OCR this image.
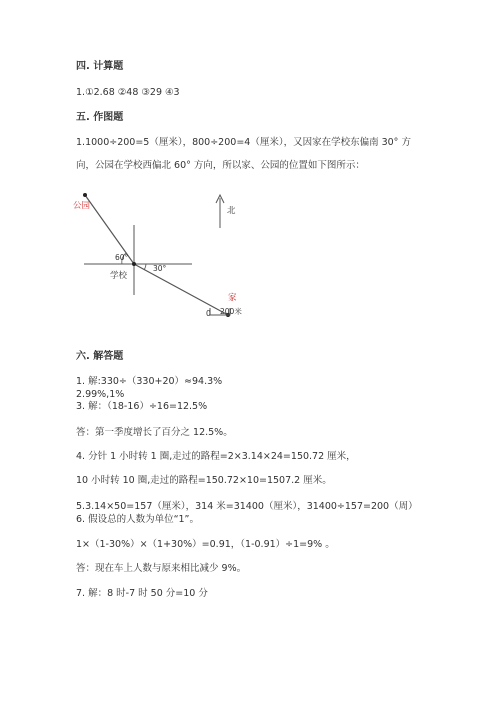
四. 计算题
1.①2.68 ②48 ③29 ④3
五. 作图题
1.1000÷200=5（厘米），800÷200=4（厘米），又因家在学校东偏南 30° 方
向，公园在学校西偏北 60° 方向，所以家、公园的位置如下图所示：
公园
60°
30°
学校
家
北
0 200米
六. 解答题
1. 解:330÷（330+20）≈94.3%
2.99%,1%
3. 解：（18-16）÷16=12.5%
答：第一季度增长了百分之 12.5%。
4. 分针 1 小时转 1 圈,走过的路程=2×3.14×24=150.72 厘米，
10 小时转 10 圈,走过的路程=150.72×10=1507.2 厘米。
5.3.14×50=157（厘米），314 米=31400（厘米），31400÷157=200（周）
6. 假设总的人数为单位“1”。
1×（1-30%）×（1+30%）=0.91，（1-0.91）÷1=9% 。
答：现在车上人数与原来相比减少 9%。
7. 解：8 时-7 时 50 分=10 分
